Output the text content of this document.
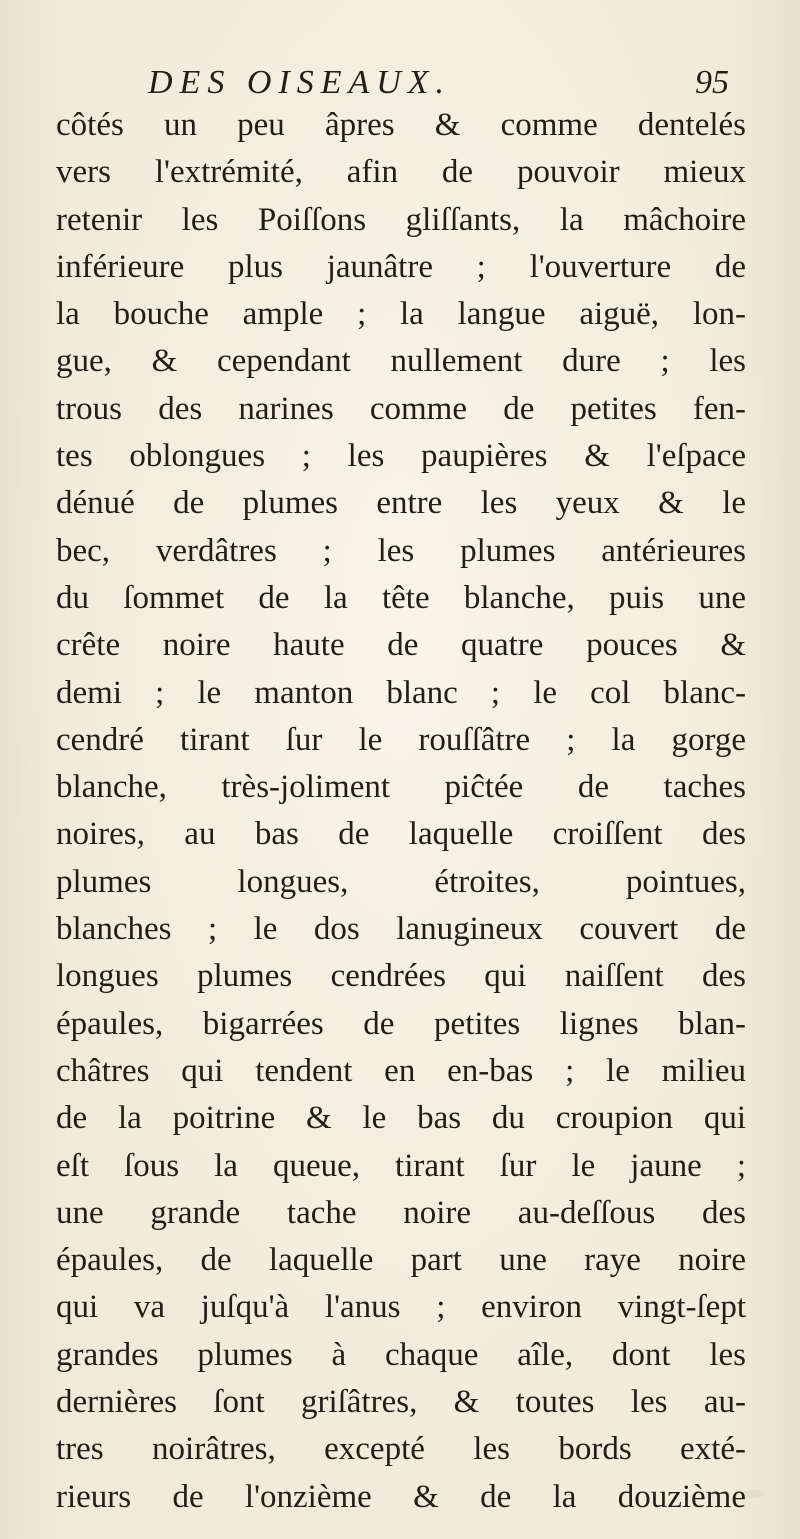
DES OISEAUX.	95
côtés un peu âpres & comme dentelés
vers l'extrémité, afin de pouvoir mieux
retenir les Poiſſons gliſſants, la mâchoire
inférieure plus jaunâtre ; l'ouverture de
la bouche ample ; la langue aiguë, lon-
gue, & cependant nullement dure ; les
trous des narines comme de petites fen-
tes oblongues ; les paupières & l'eſpace
dénué de plumes entre les yeux & le
bec, verdâtres ; les plumes antérieures
du ſommet de la tête blanche, puis une
crête noire haute de quatre pouces &
demi ; le manton blanc ; le col blanc-
cendré tirant ſur le rouſſâtre ; la gorge
blanche, très-joliment piĉtée de taches
noires, au bas de laquelle croiſſent des
plumes longues, étroites, pointues,
blanches ; le dos lanugineux couvert de
longues plumes cendrées qui naiſſent des
épaules, bigarrées de petites lignes blan-
châtres qui tendent en en-bas ; le milieu
de la poitrine & le bas du croupion qui
eſt ſous la queue, tirant ſur le jaune ;
une grande tache noire au-deſſous des
épaules, de laquelle part une raye noire
qui va juſqu'à l'anus ; environ vingt-ſept
grandes plumes à chaque aîle, dont les
dernières ſont griſâtres, & toutes les au-
tres noirâtres, excepté les bords exté-
rieurs de l'onzième & de la douzième
